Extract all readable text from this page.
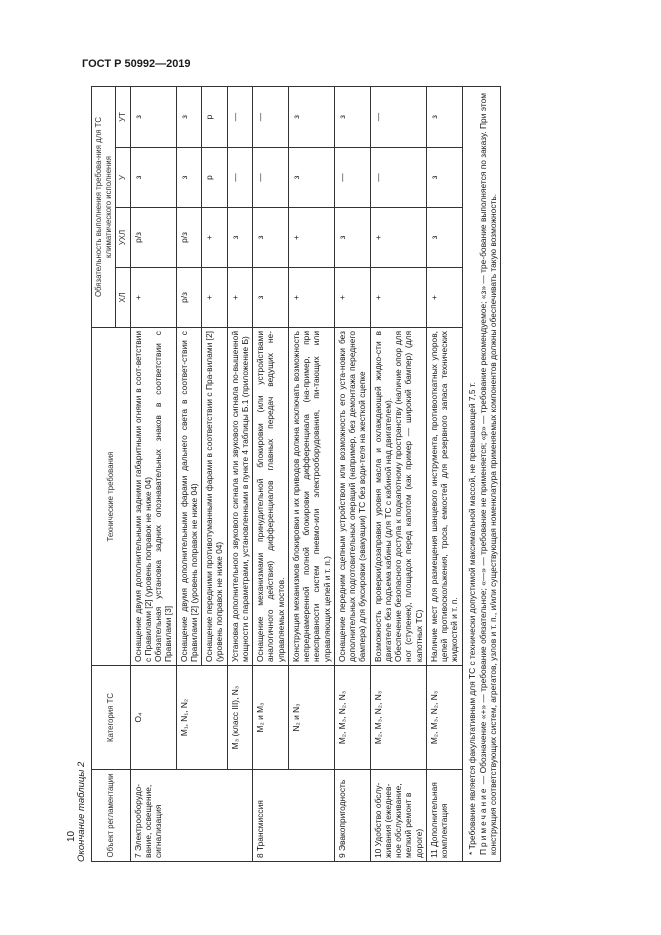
ГОСТ Р 50992—2019
10 Окончание таблицы 2 Объект регламентации	Категория ТС	Технические требования	Обязательность выполнения требова-ния для ТС климатического исполнения			
			ХЛ	УХЛ	У	УТ
7 Электрооборудо-вание, освещение, сигнализация	O₄	Оснащение двумя дополнительными задними габаритными огнями в соот-ветствии с Правилами [2] (уровень поправок не ниже 04)
Обязательная установка задних опознавательных знаков в соответствии с Правилами [3]	+	р/з	з	з
	M₁, N₁, N₂	Оснащение двумя дополнительными фарами дальнего света в соответ-ствии с Правилами [2] (уровень поправок не ниже 04)	р/з	р/з	з	з
		Оснащение передними противотуманными фарами в соответствии с Пра-вилами [2] (уровень поправок не ниже 04)	+	+	р	р
	M₃ (класс III), N₃	Установка дополнительного звукового сигнала или звукового сигнала по-вышенной мощности с параметрами, установленными в пункте 4 таблицы Б.1 (приложение Б)	+	з	—	—
8 Трансмиссия	M₂ и M₃	Оснащение механизмами принудительной блокировки (или устройствами аналогичного действия) дифференциалов главных передач ведущих не-управляемых мостов.	з	з	—	—
	N₂ и N₃	Конструкция механизмов блокировки и их приводов должна исключать возможность непреднамеренной полной блокировки дифференциала (на-пример, при неисправности систем пневмо-или электрооборудования, пи-тающих или управляющих цепей и т. п.)	+	+	з	з
9 Эвакопригодность	M₂, M₃, N₂, N₃	Оснащение передним сцепным устройством или возможность его уста-новки без дополнительных подготовительных операций (например, без демонтажа переднего бампера) для буксировки (эвакуации) ТС без води-теля на жесткой сцепке	+	з	—	з
10 Удобство обслу-живания (ежеднев-ное обслуживание, мелкий ремонт в дороге)	M₂, M₃, N₂, N₃	Возможность проверки/дозаправки уровня масла и охлаждающей жидко-сти в двигателе без подъема кабины (для ТС с кабиной над двигателем).
Обеспечение безопасного доступа к подкапотному пространству (наличие опор для ног (ступенек), площадок перед капотом (как пример — широкий бампер) (для капотных ТС)	+	+	—	—
11 Дополнительная комплектация	M₂, M₃, N₂, N₃	Наличие мест для размещения шанцевого инструмента, противооткатных упоров, цепей противоскольжения, троса, емкостей для резервного запаса технических жидкостей и т. п.	+	з	з	з

* Требование является факультативным для ТС с технически допустимой максимальной массой, не превышающей 7,5 т. Примечание — Обозначение «+» — требование обязательное; «—» — требование не применяется; «р» — требование рекомендуемое; «з» — тре-бование выполняется по заказу. При этом конструкция соответствующих систем, агрегатов, узлов и т. п., и/или существующая номенклатура применяемых компонентов должны обеспечивать такую возможность.						
